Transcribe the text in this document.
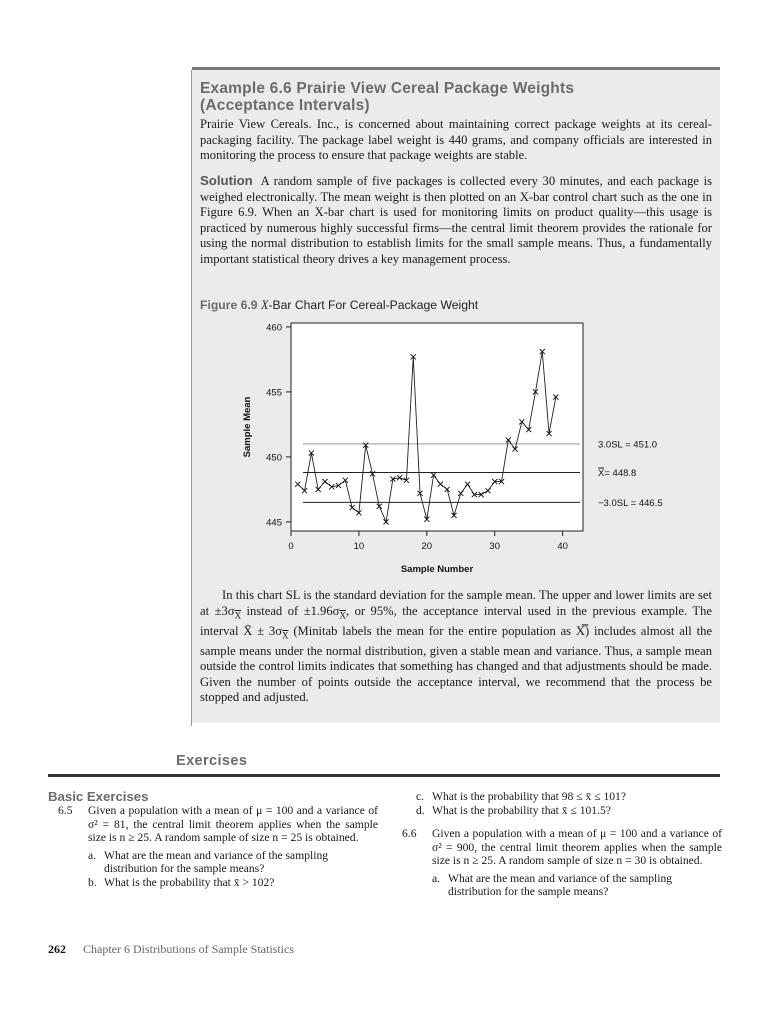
Example 6.6 Prairie View Cereal Package Weights
(Acceptance Intervals)
Prairie View Cereals. Inc., is concerned about maintaining correct package weights at its cereal-packaging facility. The package label weight is 440 grams, and company officials are interested in monitoring the process to ensure that package weights are stable.
Solution A random sample of five packages is collected every 30 minutes, and each package is weighed electronically. The mean weight is then plotted on an X-bar control chart such as the one in Figure 6.9. When an X-bar chart is used for monitoring limits on product quality—this usage is practiced by numerous highly successful firms—the central limit theorem provides the rationale for using the normal distribution to establish limits for the small sample means. Thus, a fundamentally important statistical theory drives a key management process.
Figure 6.9 X-Bar Chart For Cereal-Package Weight
In this chart SL is the standard deviation for the sample mean. The upper and lower limits are set at $\pm 3\sigma_{\overline{X}}$ instead of $\pm 1.96\sigma_{\overline{X}}$, or 95%, the acceptance interval used in the previous example. The interval X̄ ± $3\sigma_{\overline{X}}$ (Minitab labels the mean for the entire population as X̿) includes almost all the sample means under the normal distribution, given a stable mean and variance. Thus, a sample mean outside the control limits indicates that something has changed and that adjustments should be made. Given the number of points outside the acceptance interval, we recommend that the process be stopped and adjusted.
445
450
455
460
0	10	20	30	40
Sample Number
Sample Mean	3.0SL = 451.0
X̿= 448.8
−3.0SL = 446.5
Exercises
Basic Exercises
6.5 Given a population with a mean of μ = 100 and a variance of σ² = 81, the central limit theorem applies when the sample size is n ≥ 25. A random sample of size n = 25 is obtained.
a. What are the mean and variance of the sampling distribution for the sample means?
b. What is the probability that x̄ > 102?
c. What is the probability that 98 ≤ x̄ ≤ 101?
d. What is the probability that x̄ ≤ 101.5?
6.6 Given a population with a mean of μ = 100 and a variance of σ² = 900, the central limit theorem applies when the sample size is n ≥ 25. A random sample of size n = 30 is obtained.
a. What are the mean and variance of the sampling distribution for the sample means?
262 Chapter 6 Distributions of Sample Statistics
